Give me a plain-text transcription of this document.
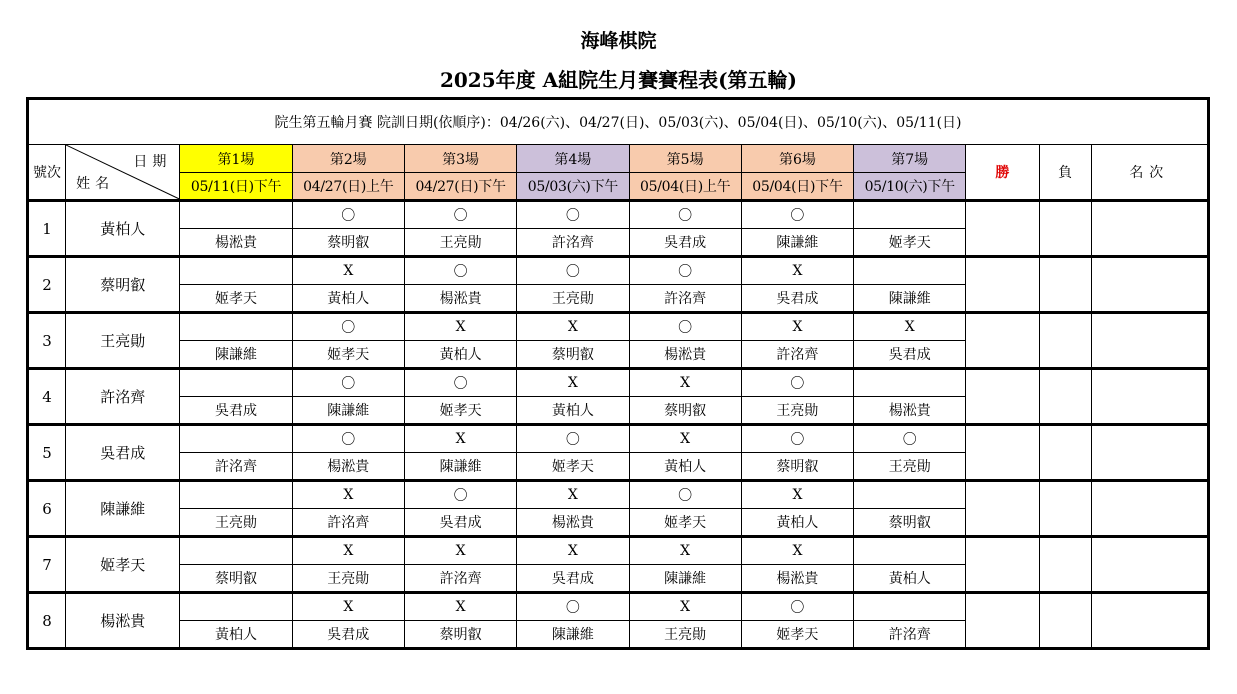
海峰棋院
2025年度 A組院生月賽賽程表(第五輪)
院生第五輪月賽 院訓日期(依順序)：04/26(六)、04/27(日)、05/03(六)、05/04(日)、05/10(六)、05/11(日)											
號次	日期
姓名	第1場	第2場	第3場	第4場	第5場	第6場	第7場	勝	負	名次
		05/11(日)下午	04/27(日)上午	04/27(日)下午	05/03(六)下午	05/04(日)上午	05/04(日)下午	05/10(六)下午			
1	黃柏人		〇	〇	〇	〇	〇				
		楊淞貴	蔡明叡	王亮勛	許洺齊	吳君成	陳謙維	姬孝天			
2	蔡明叡		X	〇	〇	〇	X				
		姬孝天	黃柏人	楊淞貴	王亮勛	許洺齊	吳君成	陳謙維			
3	王亮勛		〇	X	X	〇	X	X			
		陳謙維	姬孝天	黃柏人	蔡明叡	楊淞貴	許洺齊	吳君成			
4	許洺齊		〇	〇	X	X	〇				
		吳君成	陳謙維	姬孝天	黃柏人	蔡明叡	王亮勛	楊淞貴			
5	吳君成		〇	X	〇	X	〇	〇			
		許洺齊	楊淞貴	陳謙維	姬孝天	黃柏人	蔡明叡	王亮勛			
6	陳謙維		X	〇	X	〇	X				
		王亮勛	許洺齊	吳君成	楊淞貴	姬孝天	黃柏人	蔡明叡			
7	姬孝天		X	X	X	X	X				
		蔡明叡	王亮勛	許洺齊	吳君成	陳謙維	楊淞貴	黃柏人			
8	楊淞貴		X	X	〇	X	〇				
		黃柏人	吳君成	蔡明叡	陳謙維	王亮勛	姬孝天	許洺齊			
